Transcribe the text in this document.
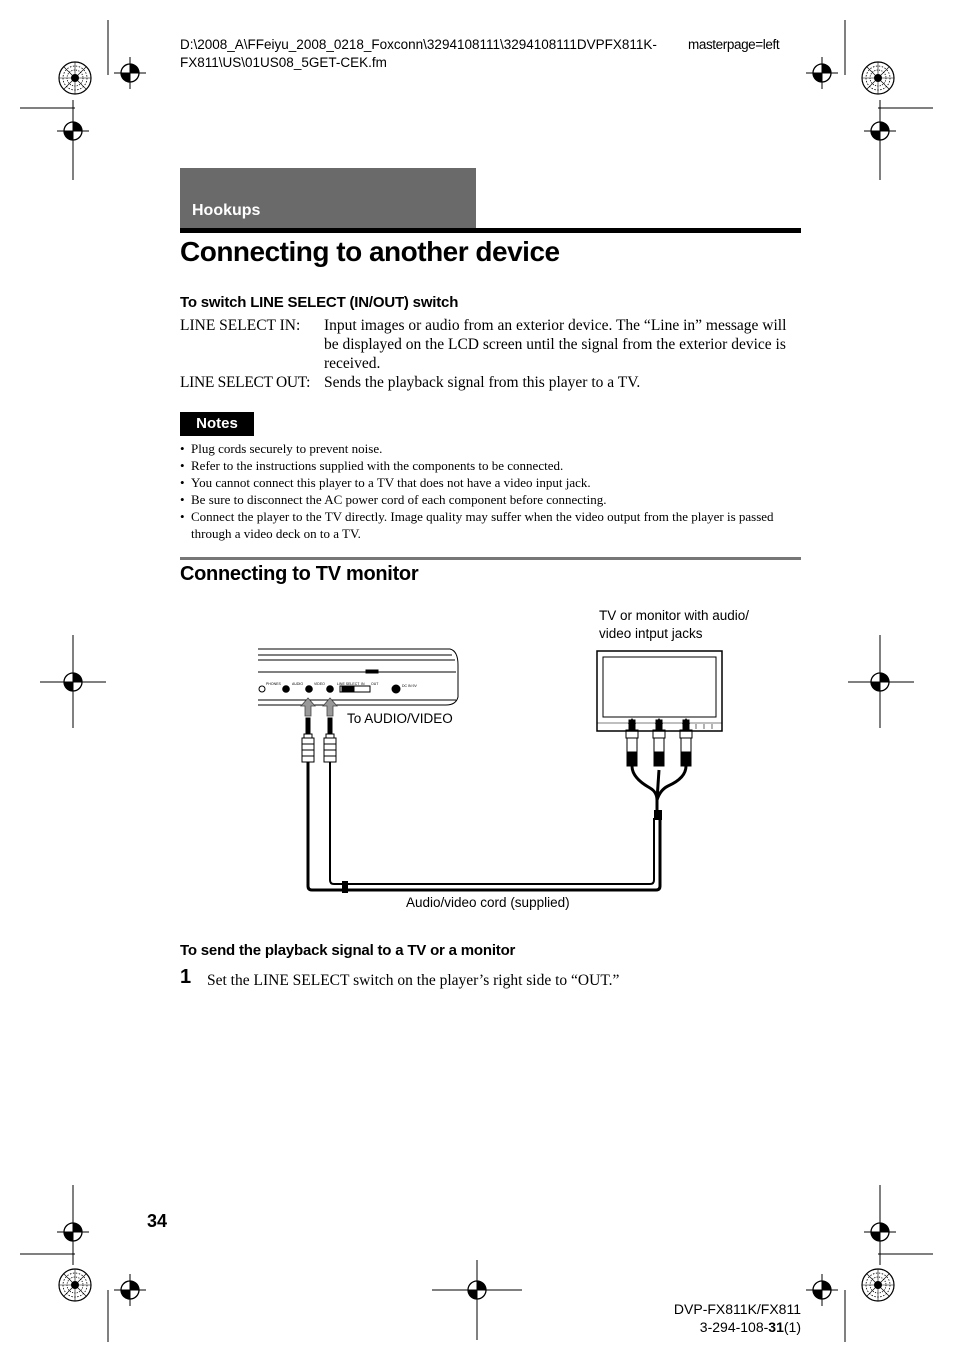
D:\2008_A\FFeiyu_2008_0218_Foxconn\3294108111\3294108111DVPFX811K- masterpage=left
FX811\US\01US08_5GET-CEK.fm
Hookups
Connecting to another device
To switch LINE SELECT (IN/OUT) switch
LINE SELECT IN: Input images or audio from an exterior device. The “Line in” message will be displayed on the LCD screen until the signal from the exterior device is received.
LINE SELECT OUT: Sends the playback signal from this player to a TV.
Notes
• Plug cords securely to prevent noise.
• Refer to the instructions supplied with the components to be connected.
• You cannot connect this player to a TV that does not have a video input jack.
• Be sure to disconnect the AC power cord of each component before connecting.
• Connect the player to the TV directly. Image quality may suffer when the video output from the player is passed through a video deck on to a TV.
Connecting to TV monitor
PHONES	AUDIO	VIDEO	LINE SELECT IN OUT	DC IN 9V
TV or monitor with audio/
video intput jacks
To AUDIO/VIDEO
Audio/video cord (supplied)
To send the playback signal to a TV or a monitor
1 Set the LINE SELECT switch on the player’s right side to “OUT.”
34
DVP-FX811K/FX811
3-294-108-31(1)
